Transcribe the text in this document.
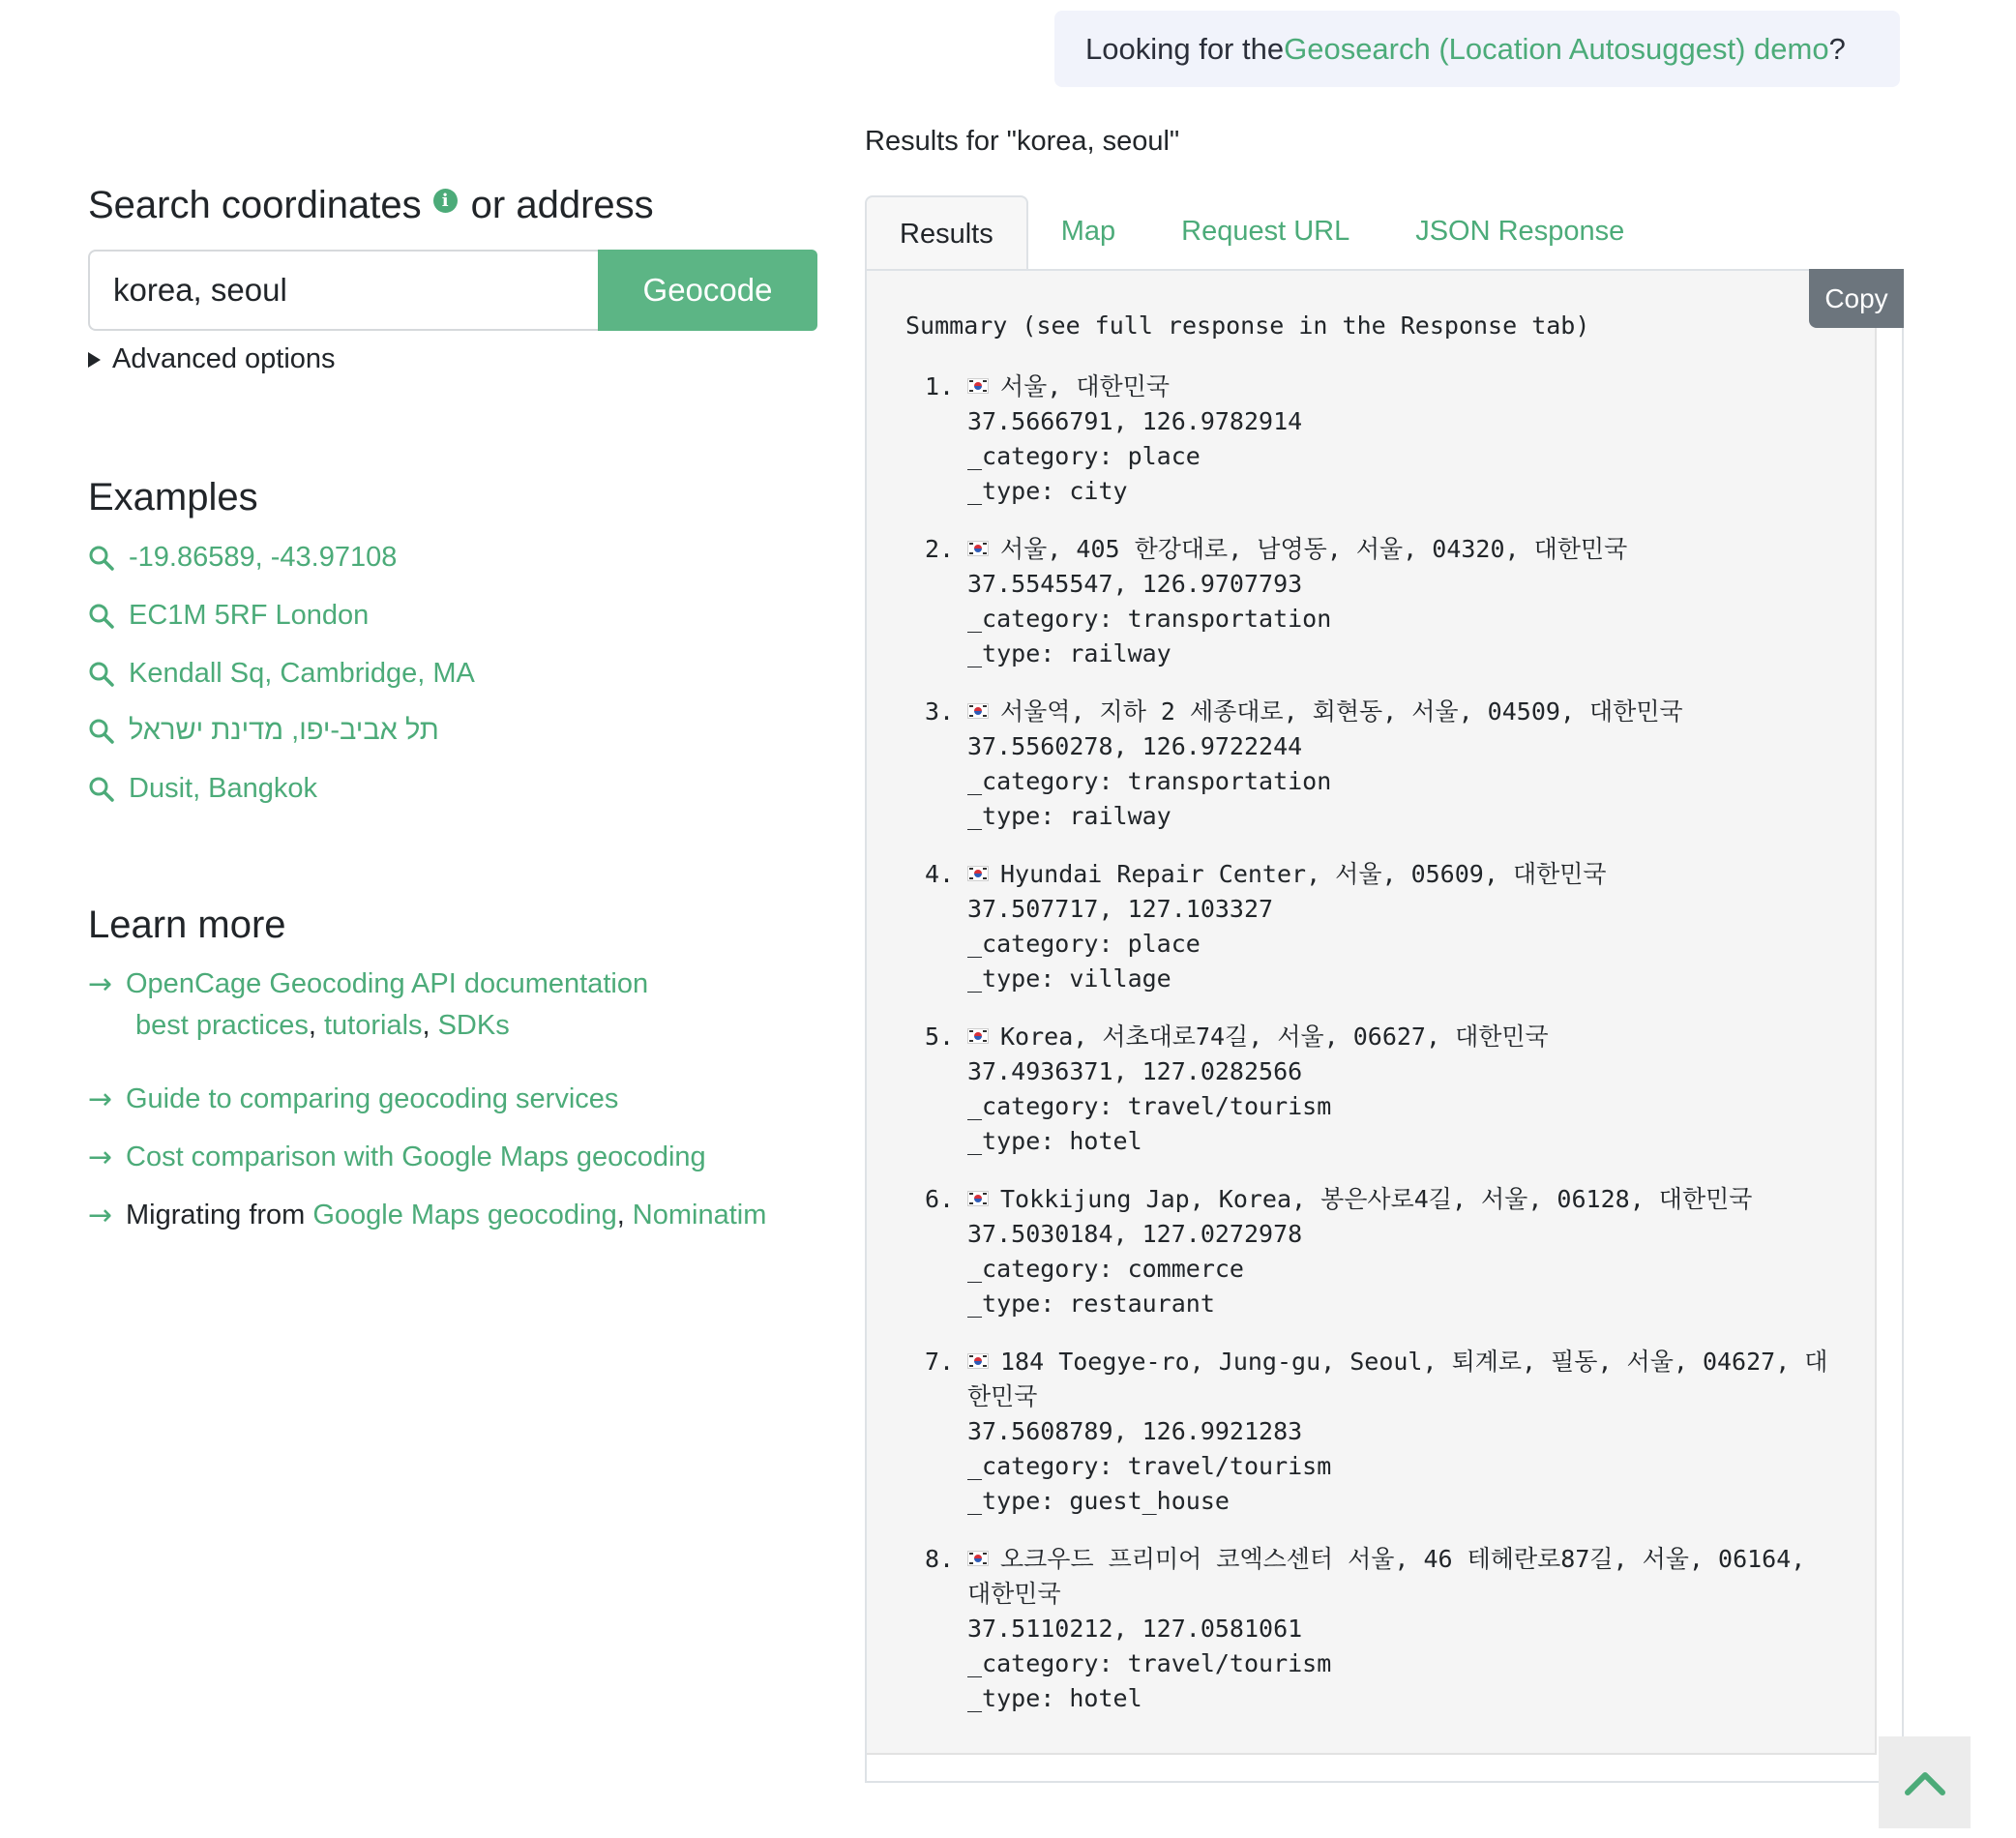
Looking for the Geosearch (Location Autosuggest) demo ?
Results for "korea, seoul"
Search coordinates	i or address
korea, seoul
Geocode
Advanced options
Examples
-19.86589, -43.97108
EC1M 5RF London
Kendall Sq, Cambridge, MA
תל אביב-יפו, מדינת ישראל
Dusit, Bangkok
Learn more
→ OpenCage Geocoding API documentation
best practices , tutorials , SDKs
→ Guide to comparing geocoding services
→ Cost comparison with Google Maps geocoding
→ Migrating from Google Maps geocoding , Nominatim
Results	Map	Request URL	JSON Response
Copy
Summary (see full response in the Response tab)
1.	서울, 대한민국
37.5666791, 126.9782914
_category: place
_type: city
2.	서울, 405 한강대로, 남영동, 서울, 04320, 대한민국
37.5545547, 126.9707793
_category: transportation
_type: railway
3.	서울역, 지하 2 세종대로, 회현동, 서울, 04509, 대한민국
37.5560278, 126.9722244
_category: transportation
_type: railway
4.	Hyundai Repair Center, 서울, 05609, 대한민국
37.507717, 127.103327
_category: place
_type: village
5.	Korea, 서초대로74길, 서울, 06627, 대한민국
37.4936371, 127.0282566
_category: travel/tourism
_type: hotel
6.	Tokkijung Jap, Korea, 봉은사로4길, 서울, 06128, 대한민국
37.5030184, 127.0272978
_category: commerce
_type: restaurant
7.	184 Toegye-ro, Jung-gu, Seoul, 퇴계로, 필동, 서울, 04627, 대한민국
37.5608789, 126.9921283
_category: travel/tourism
_type: guest_house
8.	오크우드 프리미어 코엑스센터 서울, 46 테헤란로87길, 서울, 06164, 대한민국
37.5110212, 127.0581061
_category: travel/tourism
_type: hotel
